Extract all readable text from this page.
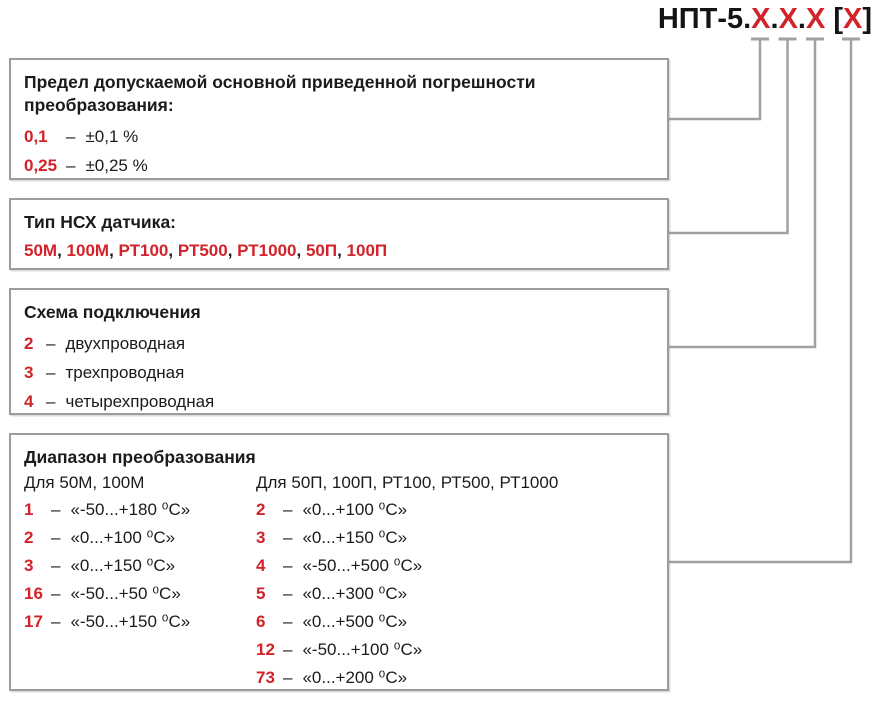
НПТ-5.X.X.X [X]
Предел допускаемой основной приведенной погрешности преобразования:
0,1	– ±0,1 %
0,25 – ±0,25 %
Тип НСХ датчика:

50М, 100М, РТ100, РТ500, РТ1000, 50П, 100П

Схема подключения
2 – двухпроводная
3 – трехпроводная
4 – четырехпроводная
Диапазон преобразования
Для 50М, 100М
1	– «-50...+180 ⁰С»
2	– «0...+100 ⁰С»
3	– «0...+150 ⁰С»
16 – «-50...+50 ⁰С»
17 – «-50...+150 ⁰С»
Для 50П, 100П, РТ100, РТ500, РТ1000
2	– «0...+100 ⁰С»
3	– «0...+150 ⁰С»
4	– «-50...+500 ⁰С»
5	– «0...+300 ⁰С»
6	– «0...+500 ⁰С»
12 – «-50...+100 ⁰С»
73 – «0...+200 ⁰С»
